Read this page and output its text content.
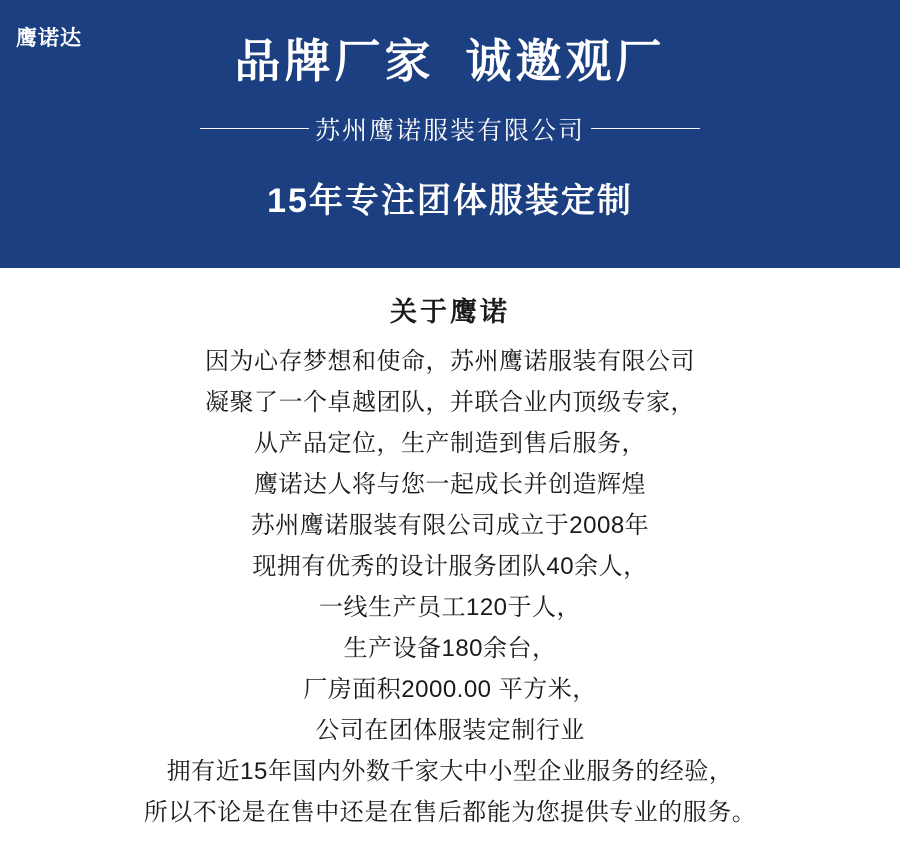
鹰诺达	品牌厂家  诚邀观厂
苏州鹰诺服装有限公司
15年专注团体服装定制
关于鹰诺
因为心存梦想和使命，苏州鹰诺服装有限公司
凝聚了一个卓越团队，并联合业内顶级专家，
从产品定位，生产制造到售后服务，
鹰诺达人将与您一起成长并创造辉煌
苏州鹰诺服装有限公司成立于2008年
现拥有优秀的设计服务团队40余人，
一线生产员工120于人，
生产设备180余台，
厂房面积2000.00 平方米，
公司在团体服装定制行业
拥有近15年国内外数千家大中小型企业服务的经验，
所以不论是在售中还是在售后都能为您提供专业的服务。
